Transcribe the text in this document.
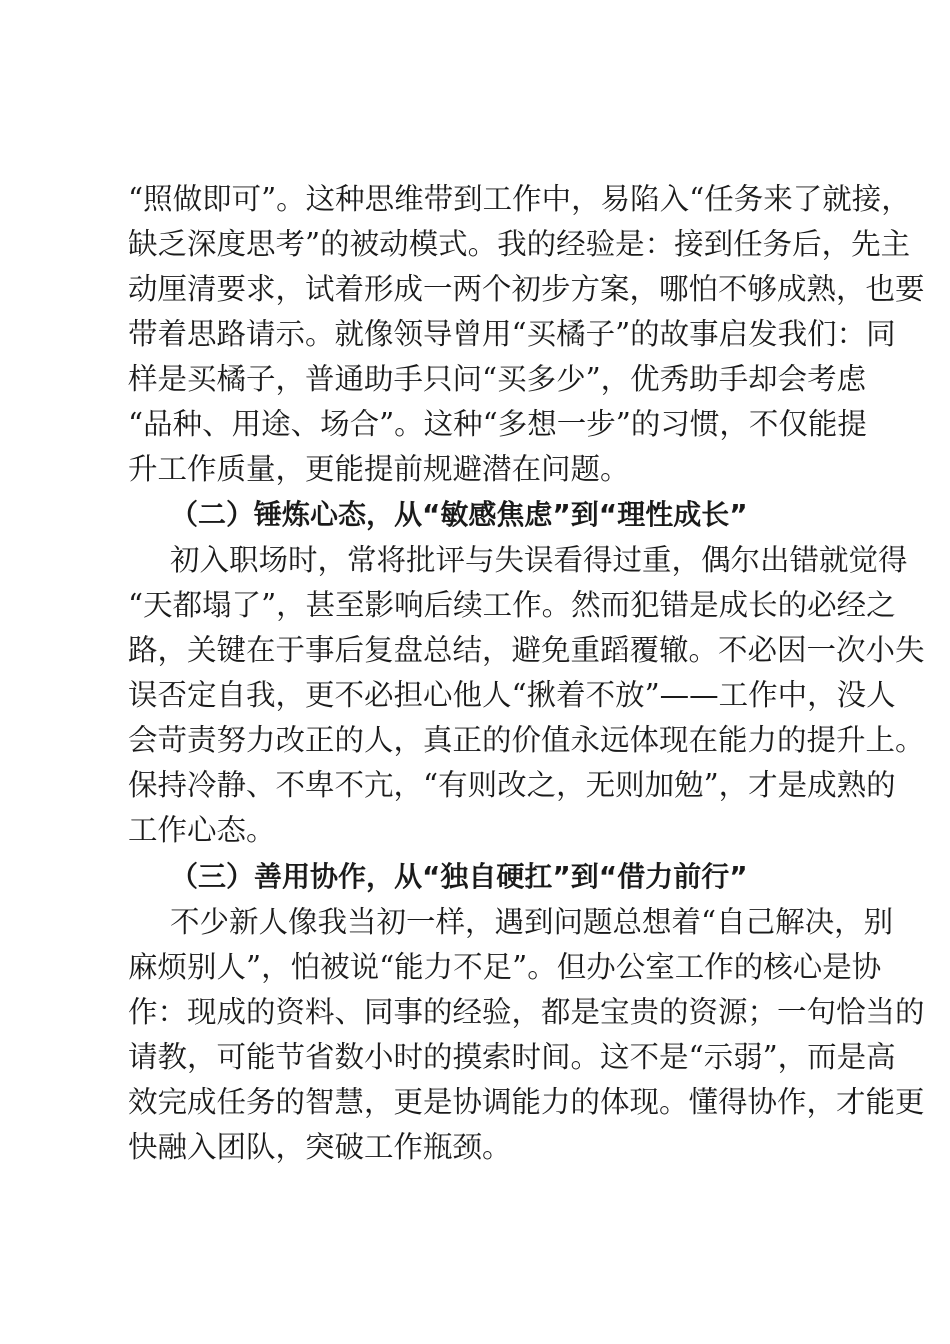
“照做即可”。这种思维带到工作中，易陷入“任务来了就接，
缺乏深度思考”的被动模式。我的经验是：接到任务后，先主
动厘清要求，试着形成一两个初步方案，哪怕不够成熟，也要
带着思路请示。就像领导曾用“买橘子”的故事启发我们：同
样是买橘子，普通助手只问“买多少”，优秀助手却会考虑
“品种、用途、场合”。这种“多想一步”的习惯，不仅能提
升工作质量，更能提前规避潜在问题。
（二）锤炼心态，从“敏感焦虑”到“理性成长”
初入职场时，常将批评与失误看得过重，偶尔出错就觉得
“天都塌了”，甚至影响后续工作。然而犯错是成长的必经之
路，关键在于事后复盘总结，避免重蹈覆辙。不必因一次小失
误否定自我，更不必担心他人“揪着不放”——工作中，没人
会苛责努力改正的人，真正的价值永远体现在能力的提升上。
保持冷静、不卑不亢，“有则改之，无则加勉”，才是成熟的
工作心态。
（三）善用协作，从“独自硬扛”到“借力前行”
不少新人像我当初一样，遇到问题总想着“自己解决，别
麻烦别人”，怕被说“能力不足”。但办公室工作的核心是协
作：现成的资料、同事的经验，都是宝贵的资源；一句恰当的
请教，可能节省数小时的摸索时间。这不是“示弱”，而是高
效完成任务的智慧，更是协调能力的体现。懂得协作，才能更
快融入团队，突破工作瓶颈。
